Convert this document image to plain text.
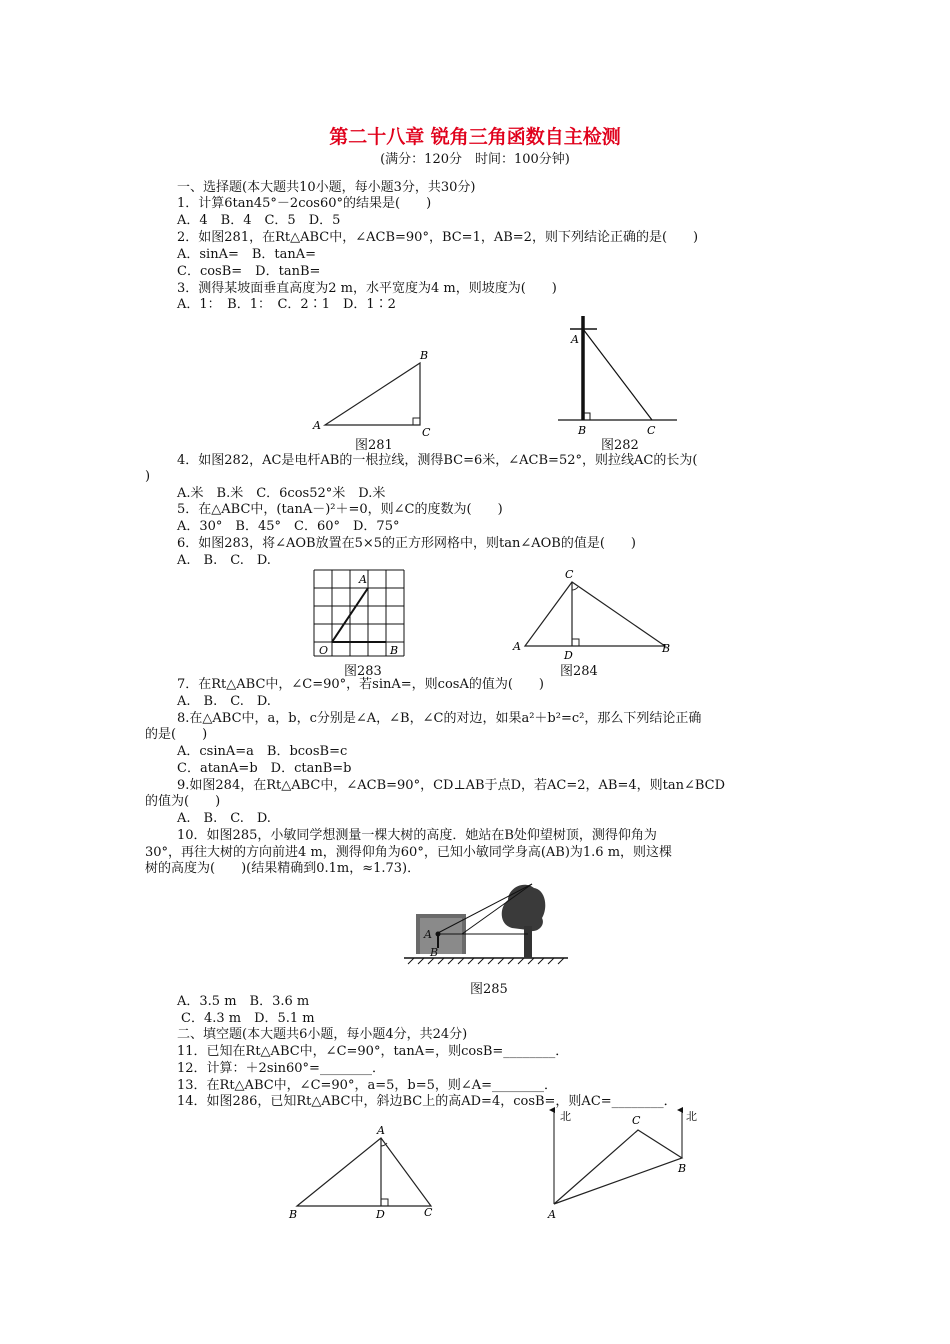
第二十八章 锐角三角函数自主检测
(满分：120分　时间：100分钟)
一、选择题(本大题共10小题，每小题3分，共30分)
1．计算6tan45°－2cos60°的结果是(　　)
A．4　B．4　C．5　D．5
2．如图281，在Rt△ABC中，∠ACB=90°，BC=1，AB=2，则下列结论正确的是(　　)
A．sinA=　B．tanA=
C．cosB=　D．tanB=
3．测得某坡面垂直高度为2 m，水平宽度为4 m，则坡度为(　　)
A．1：　B．1：　C．2∶1　D．1∶2
4．如图282，AC是电杆AB的一根拉线，测得BC=6米，∠ACB=52°，则拉线AC的长为(
)
A.米　B.米　C．6cos52°米　D.米
5．在△ABC中，(tanA－)²＋=0，则∠C的度数为(　　)
A．30°　B．45°　C．60°　D．75°
6．如图283，将∠AOB放置在5×5的正方形网格中，则tan∠AOB的值是(　　)
A.　B.　C.　D.
7．在Rt△ABC中，∠C=90°，若sinA=，则cosA的值为(　　)
A.　B.　C.　D.
8.在△ABC中，a，b，c分别是∠A，∠B，∠C的对边，如果a²＋b²=c²，那么下列结论正确
的是(　　)
A．csinA=a　B．bcosB=c
C．atanA=b　D．ctanB=b
9.如图284，在Rt△ABC中，∠ACB=90°，CD⊥AB于点D，若AC=2，AB=4，则tan∠BCD
的值为(　　)
A.　B.　C.　D.
10．如图285，小敏同学想测量一棵大树的高度．她站在B处仰望树顶，测得仰角为
30°，再往大树的方向前进4 m，测得仰角为60°，已知小敏同学身高(AB)为1.6 m，则这棵
树的高度为(　　)(结果精确到0.1m，≈1.73)．
A．3.5 m　B．3.6 m
C．4.3 m　D．5.1 m
二、填空题(本大题共6小题，每小题4分，共24分)
11．已知在Rt△ABC中，∠C=90°，tanA=，则cosB=________．
12．计算：＋2sin60°=________．
13．在Rt△ABC中，∠C=90°，a=5，b=5，则∠A=________．
14．如图286，已知Rt△ABC中，斜边BC上的高AD=4，cosB=，则AC=________．
A
B
C
图281
A
B	C
图282
O
A
B
图283
C
A	B
D
图284
A
B
图285
A
B	D	C
北	北
C
B
A
